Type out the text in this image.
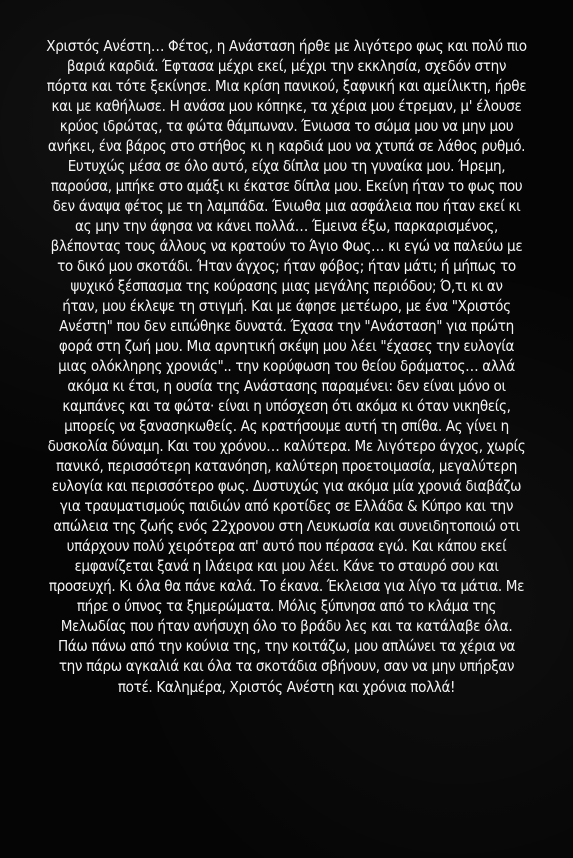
Χριστός Ανέστη… Φέτος, η Ανάσταση ήρθε με λιγότερο φως και πολύ πιο
βαριά καρδιά. Έφτασα μέχρι εκεί, μέχρι την εκκλησία, σχεδόν στην
πόρτα και τότε ξεκίνησε. Μια κρίση πανικού, ξαφνική και αμείλικτη, ήρθε
και με καθήλωσε. Η ανάσα μου κόπηκε, τα χέρια μου έτρεμαν, μ' έλουσε
κρύος ιδρώτας, τα φώτα θάμπωναν. Ένιωσα το σώμα μου να μην μου
ανήκει, ένα βάρος στο στήθος κι η καρδιά μου να χτυπά σε λάθος ρυθμό.
Ευτυχώς μέσα σε όλο αυτό, είχα δίπλα μου τη γυναίκα μου. Ήρεμη,
παρούσα, μπήκε στο αμάξι κι έκατσε δίπλα μου. Εκείνη ήταν το φως που
δεν άναψα φέτος με τη λαμπάδα. Ένιωθα μια ασφάλεια που ήταν εκεί κι
ας μην την άφησα να κάνει πολλά… Έμεινα έξω, παρκαρισμένος,
βλέποντας τους άλλους να κρατούν το Άγιο Φως… κι εγώ να παλεύω με
το δικό μου σκοτάδι. Ήταν άγχος; ήταν φόβος; ήταν μάτι; ή μήπως το
ψυχικό ξέσπασμα της κούρασης μιας μεγάλης περιόδου; Ό,τι κι αν
ήταν, μου έκλεψε τη στιγμή. Και με άφησε μετέωρο, με ένα "Χριστός
Ανέστη" που δεν ειπώθηκε δυνατά. Έχασα την "Ανάσταση" για πρώτη
φορά στη ζωή μου. Μια αρνητική σκέψη μου λέει "έχασες την ευλογία
μιας ολόκληρης χρονιάς".. την κορύφωση του θείου δράματος… αλλά
ακόμα κι έτσι, η ουσία της Ανάστασης παραμένει: δεν είναι μόνο οι
καμπάνες και τα φώτα· είναι η υπόσχεση ότι ακόμα κι όταν νικηθείς,
μπορείς να ξανασηκωθείς. Ας κρατήσουμε αυτή τη σπίθα. Ας γίνει η
δυσκολία δύναμη. Και του χρόνου… καλύτερα. Με λιγότερο άγχος, χωρίς
πανικό, περισσότερη κατανόηση, καλύτερη προετοιμασία, μεγαλύτερη
ευλογία και περισσότερο φως. Δυστυχώς για ακόμα μία χρονιά διαβάζω
για τραυματισμούς παιδιών από κροτίδες σε Ελλάδα & Κύπρο και την
απώλεια της ζωής ενός 22χρονου στη Λευκωσία και συνειδητοποιώ οτι
υπάρχουν πολύ χειρότερα απ' αυτό που πέρασα εγώ. Και κάπου εκεί
εμφανίζεται ξανά η Ιλάειρα και μου λέει. Κάνε το σταυρό σου και
προσευχή. Κι όλα θα πάνε καλά. Το έκανα. Έκλεισα για λίγο τα μάτια. Με
πήρε ο ύπνος τα ξημερώματα. Μόλις ξύπνησα από το κλάμα της
Μελωδίας που ήταν ανήσυχη όλο το βράδυ λες και τα κατάλαβε όλα.
Πάω πάνω από την κούνια της, την κοιτάζω, μου απλώνει τα χέρια να
την πάρω αγκαλιά και όλα τα σκοτάδια σβήνουν, σαν να μην υπήρξαν
ποτέ. Καλημέρα, Χριστός Ανέστη και χρόνια πολλά!
